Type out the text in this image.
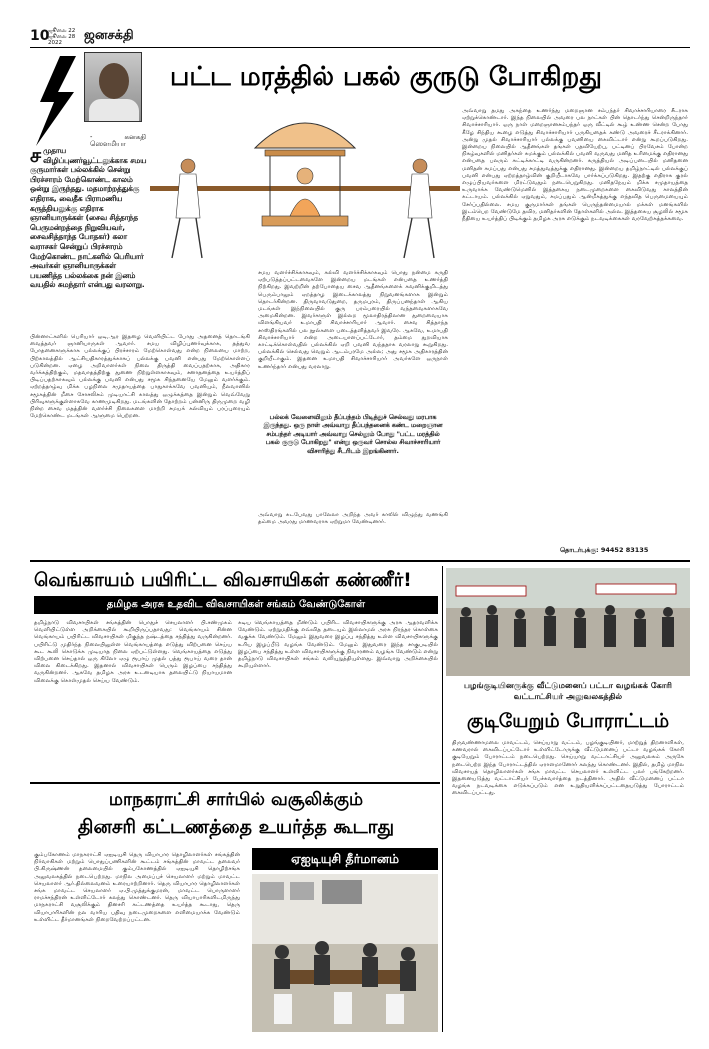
10
ஜூலை 22
ஜூலை 28
2022	ஜனசக்தி
பட்ட மரத்தில் பகல் குருடு போகிறது
- கனகதி ஸௌமியா
சமுதாய விழிப்புணர்வூட்டலுக்காக சமய குருமார்கள் பல்லக்கில் சென்று பிரச்சாரம் மேற்கொண்ட காலம் ஒன்று இருந்தது. மதமாற்றத்துக்கு எதிராக, வைதீக பிராமணிய கருத்தியலுக்கு எதிராக ஞானியாருக்கள் (சைவ சித்தாந்த பெருமன்றத்தை நிறுவியவர், சைவசித்தாந்த போதகர்) கலா வராசகர் சென்றுப் பிரச்சாரம் மேற்கொண்ட நாட்களில் பெரியார் அவர்கள் ஞானியாருக்கள் பயணித்த பல்லக்கை நன் இனம் வயதில் சுமந்தார் என்பது வரலாறு.
பின்னாட்களில் பெரியார் ஒடி,ஆர இதழை வெளியிட்ட போது அதனைத் தொடங்கி வைத்தவர் ஞானியாருகள் ஆவார். சமய விழிப்புணர்வுக்காக, தத்துவ போதனைகளுக்காக பல்லக்குப் பிரச்சாரம் மேற்கொள்வது என்ற நிலையை மாற்ற, பிற்காலத்தில் ஆட்சியதிகாரத்துக்காகப் பல்லக்கு பவனி என்பது மேற்கொள்ளப் படுகின்றன. ஏழை அறிவாளர்கள் நிலை திருத்தி வைப்பதற்காக, அதிகார வர்க்கத்திற்கும், மதவாதத்திற்கு துணை நிற்றுள்ளகாகவும், சனாதனத்தை உயர்த்திப் பிடிப்பதற்காகவும் பல்லக்கு பவனி என்பது சமூக சிந்தனையே மேலும் வளர்க்கும். ஏற்றத்தாழ்வு மிக்க பழநிலை சமுதாயத்தை பாதுகாக்கவே பவனியும், நீலவானில் சமூகத்தின் மீசை சோசலிசம் முடியாட்சி காலத்து ஒழுக்கத்தை இன்றும் வெவ்வேறு பிரிவுகளுக்குள்ளாகவே காணமுடிகிறது. மடங்களின் தோற்றம் பன்னிரு திருமுறை வழி நின்ற சைவ மதத்தின் வளர்ச்சி நிலைகளை மாற்றி சமயக் கல்வியும் பரப்புரையும் மேற்கொண்ட மடங்கள் ஆளுமை பெற்றன.
சமய வளர்ச்சிக்காகவும், கல்வி வளர்ச்சிக்காகவும் பொது நன்மை கருதி ஏற்படுத்தப்பட்டவைகளே இன்றைய மடங்கள் என்பதை உணர்த்தி நிற்கிறது. இவற்றின் தற்போதைய சைவ ஆதீனங்களைக் கவனிக்குமிடத்து பெரும்பாலும் ஏறத்தாழ இடைக்காலத்து நிறுவனங்களாக இன்றும் தொடர்கின்றன. திருவாவடுதுறை, தருமபுரம், திருப்பனந்தாள் ஆகிய மடங்கள் இந்நிலையில் குரு பரம்பரையில் வந்தவைகளாகவே அமைகின்றன. இவர்களுள் இல்லற மூலாதிரத்திலான துறைவையாக விளங்கியவர் உமாபதி சிவாச்சாரியார் ஆவார். சைவ சித்தாந்த சாஸ்திரங்களில் பல நூல்களை படைத்தளித்தவர் இவரே. ஆகவே, உமாபதி சிவாச்சாரியார் என்ற அடையாளப்பட்டோர், தம்மை துறவியாக காட்டிக்கொள்வதில் பல்லக்கில் ஏறி பவனி வந்ததாக வரலாறு கூறுகிறது. பல்லக்கில் செல்வது வெறும் ஆடம்பரமே அல்ல; அது சமூக அதிகாரத்தின் குறியீடாகும். இதனை உமாபதி சிவாச்சாரியார் அவர்களே ஒருநாள் உணர்ந்தார் என்பது வரலாறு.
பல்லக் வேளைவிலும் தீப்பந்தம் பிடித்துச் செல்வது மரபாக இருந்தது. ஒரு நாள் அவ்வாறு தீப்பந்தனைக் கண்ட மறைஞான சம்பந்தர் அடியார் அவ்வாறு செல்லும் போது "பட்ட மரத்தில் பகல் குருடு போகிறது" என்று ஒருவர் சொல்ல சிவாச்சாரியார் விசாரித்து சீடரிடம் இறங்கினார்.
அவ்வாறு சுடபேவது பாலேலா அறிந்த அவர் காலில் விழுந்து வணங்கி தம்மை அவரது மாணவராக ஏற்றுமா வேண்டினார்.
அவ்வாறு தமது அகந்தை உணர்ந்து மறைஞான சம்பந்தர் சிவாச்சாரியாரை சீடராக ஏற்றுக்கொண்டார். இந்த நிலையில் அவரை பல நாட்கள் பின் தொடர்ந்து சென்றிருந்தார் சிவாச்சாரியார். ஒரு நாள் மறைஞானசம்பந்தர் ஒரு வீட்டில் கூழ் உண்ண சென்ற போது கீழே சிந்திய கூழை எடுத்து சிவாச்சாரியார் பருகியதைக் கண்டு அவரைச் சீடராக்கினார். அன்று முதல் சிவாச்சாரியார் பல்லக்கு பவனியை கைவிட்டார் என்று கூறப்படுகிறது. இன்றைய நிலையில் ஆதீனங்கள் தங்கள் பதவியேற்பு, பட்டினப் பிரவேசம் போன்ற நிகழ்வுகளில் மனிதர்கள் சுமக்கும் பல்லக்கில் பவனி வருவது மனித உரிமைக்கு எதிரானது என்பதை பலரும் சுட்டிக்காட்டி வருகின்றனர். கருத்தியல் அடிப்படையில் மனிதனை மனிதன் சுமப்பது என்பது சமத்துவத்துக்கு எதிரானது. இன்றைய தமிழ்நாட்டில் பல்லக்குப் பவனி என்பது ஏற்றத்தாழ்வின் குறியீடாகவே பார்க்கப்படுகிறது. இதற்கு எதிராக குரல் எழுப்பியவர்களை மிரட்டுவதும் நடைபெறுகிறது. மனிதநேயம் மிக்க சமுதாயத்தை உருவாக்க வேண்டுமெனில் இத்தகைய நடைமுறைகளை கைவிடுவது காலத்தின் கட்டாயம். பல்லக்கில் ஏறுவதும், சுமப்பதும் ஆன்மீகத்துக்கு எந்தவித பெருமையையும் சேர்ப்பதில்லை. சமய குருமார்கள் தங்கள் பெருந்தன்மையால் மக்கள் மனங்களில் இடம்பெற வேண்டுமே தவிர, மனிதர்களின் தோள்களில் அல்ல. இத்தகைய சூழலில் சமூக நீதியை உயர்த்திப் பிடிக்கும் தமிழக அரசு எடுக்கும் நடவடிக்கைகள் வரவேற்கத்தக்கவை.
தொடர்புக்கு: 94452 83135
வெங்காயம் பயிரிட்ட விவசாயிகள் கண்ணீர்!
தமிழக அரசு உதவிட விவசாயிகள் சங்கம் வேண்டுகோள்
தமிழ்நாடு விவசாயிகள் சங்கத்தின் பொதுச் செயலாளர் பி.சண்முகம் வெளியிட்டுள்ள அறிக்கையில் கூறியிருப்பதாவது: வெங்காயம் சின்ன வெங்காயம் பயிரிட்ட விவசாயிகள் மிகுந்த நஷ்டத்தை சந்தித்து வருகின்றனர். பயிரிட்டு முதிர்ந்த நிலையிலுள்ள வெங்காயத்தை எடுத்து விற்பனை செய்ய கூட கூலி கொடுக்க முடியாத நிலை ஏற்பட்டுள்ளது. வெங்காயத்தை எடுத்து விற்பனை செய்தால் ஒரு கிலோ ஏழு ரூபாய் முதல் பத்து ரூபாய் வரை தான் விலை கிடைக்கிறது. இதனால் விவசாயிகள் பெரும் இழப்பை சந்தித்து வருகின்றனர். ஆகவே தமிழக அரசு உடனடியாக தலையிட்டு நியாயமான விலைக்கு கொள்முதல் செய்ய வேண்டும்.
சுடிய வெங்காயத்தை மீண்டும் பயிரிட விவசாயிகளுக்கு அரசு ஆதரவளிக்க வேண்டும். ஏற்றுமதிக்கு எவ்வித தடையும் இல்லாமல் அரசு நிரந்தர கொள்கை வகுக்க வேண்டும். மேலும் இதுவரை இழப்பு சந்தித்து உள்ள விவசாயிகளுக்கு உரிய இழப்பீடு வழங்க வேண்டும். மேலும் இதுவரை இந்த சாகுபடியில் இழப்பை சந்தித்து உள்ள விவசாயிகளுக்கு நிவாரணம் வழங்க வேண்டும் என்று தமிழ்நாடு விவசாயிகள் சங்கம் வலியுறுத்தியுள்ளது. இவ்வாறு அறிக்கையில் கூறியுள்ளார்.
பழங்குடியினருக்கு வீட்டுமனைப் பட்டா வழங்கக் கோரி வட்டாட்சியர் அலுவலகத்தில்
குடியேறும் போராட்டம்
திருவண்ணாமலை மாவட்டம், செய்யாறு வட்டம், பழங்குடியினர், மாற்றுத் திறனாளிகள், கணவரால் கைவிடப்பட்டோர் உள்ளிட்டோருக்கு வீட்டுமனைப் பட்டா வழங்கக் கோரி குடியேறும் போராட்டம் நடைபெற்றது. செய்யாறு வட்டாட்சியர் அலுவலகம் அருகே நடைபெற்ற இந்த போராட்டத்தில் ஏராளமானோர் கலந்து கொண்டனர். இதில், தமிழ் மாநில விவசாயத் தொழிலாளர்கள் சங்க மாவட்ட செயலாளர் உள்ளிட்ட பலர் பங்கேற்றனர். இதனையடுத்து வட்டாட்சியர் பேச்சுவார்த்தை நடத்தினார். அதில் வீட்டுமனைப் பட்டா வழங்க நடவடிக்கை எடுக்கப்படும் என உறுதியளிக்கப்பட்டதையடுத்து போராட்டம் கைவிடப்பட்டது.
மாநகராட்சி சார்பில் வசூலிக்கும்
தினசரி கட்டணத்தை உயர்த்த கூடாது
கும்பகோணம் மாநகராட்சி ஏஐடியுசி தெரு வியாபார தொழிலாளர்கள் சங்கத்தின் நிர்வாகிகள் மற்றும் பொதுப்பணிகளின் கூட்டம் சங்கத்தின் மாவட்ட தலைவர் பி.கிருஷ்ணன் தலைமையில் கும்பகோணத்தில் ஏஐடியுசி தொழிற்சங்க அலுவலகத்தில் நடைபெற்றது. மாநில அமைப்புச் செயலாளர் மற்றும் மாவட்ட செயலாளர் ஆர்.தில்லைவனம் உரையாற்றினார். தெரு வியாபார தொழிலாளர்கள் சங்க மாவட்ட செயலாளர் ஏ.பி.முத்துக்குமரன், மாவட்ட பொருளாளர் ராமச்சந்திரன் உள்ளிட்டோர் கலந்து கொண்டனர். தெரு வியாபாரிகளிடமிருந்து மாநகராட்சி வசூலிக்கும் தினசரி கட்டணத்தை உயர்த்த கூடாது, தெரு வியாபாரிகளின் நல வாரிய பதிவு நடைமுறைகளை எளிமையாக்க வேண்டும் உள்ளிட்ட தீர்மானங்கள் நிறைவேற்றப்பட்டன.
ஏஐடியுசி தீர்மானம்
